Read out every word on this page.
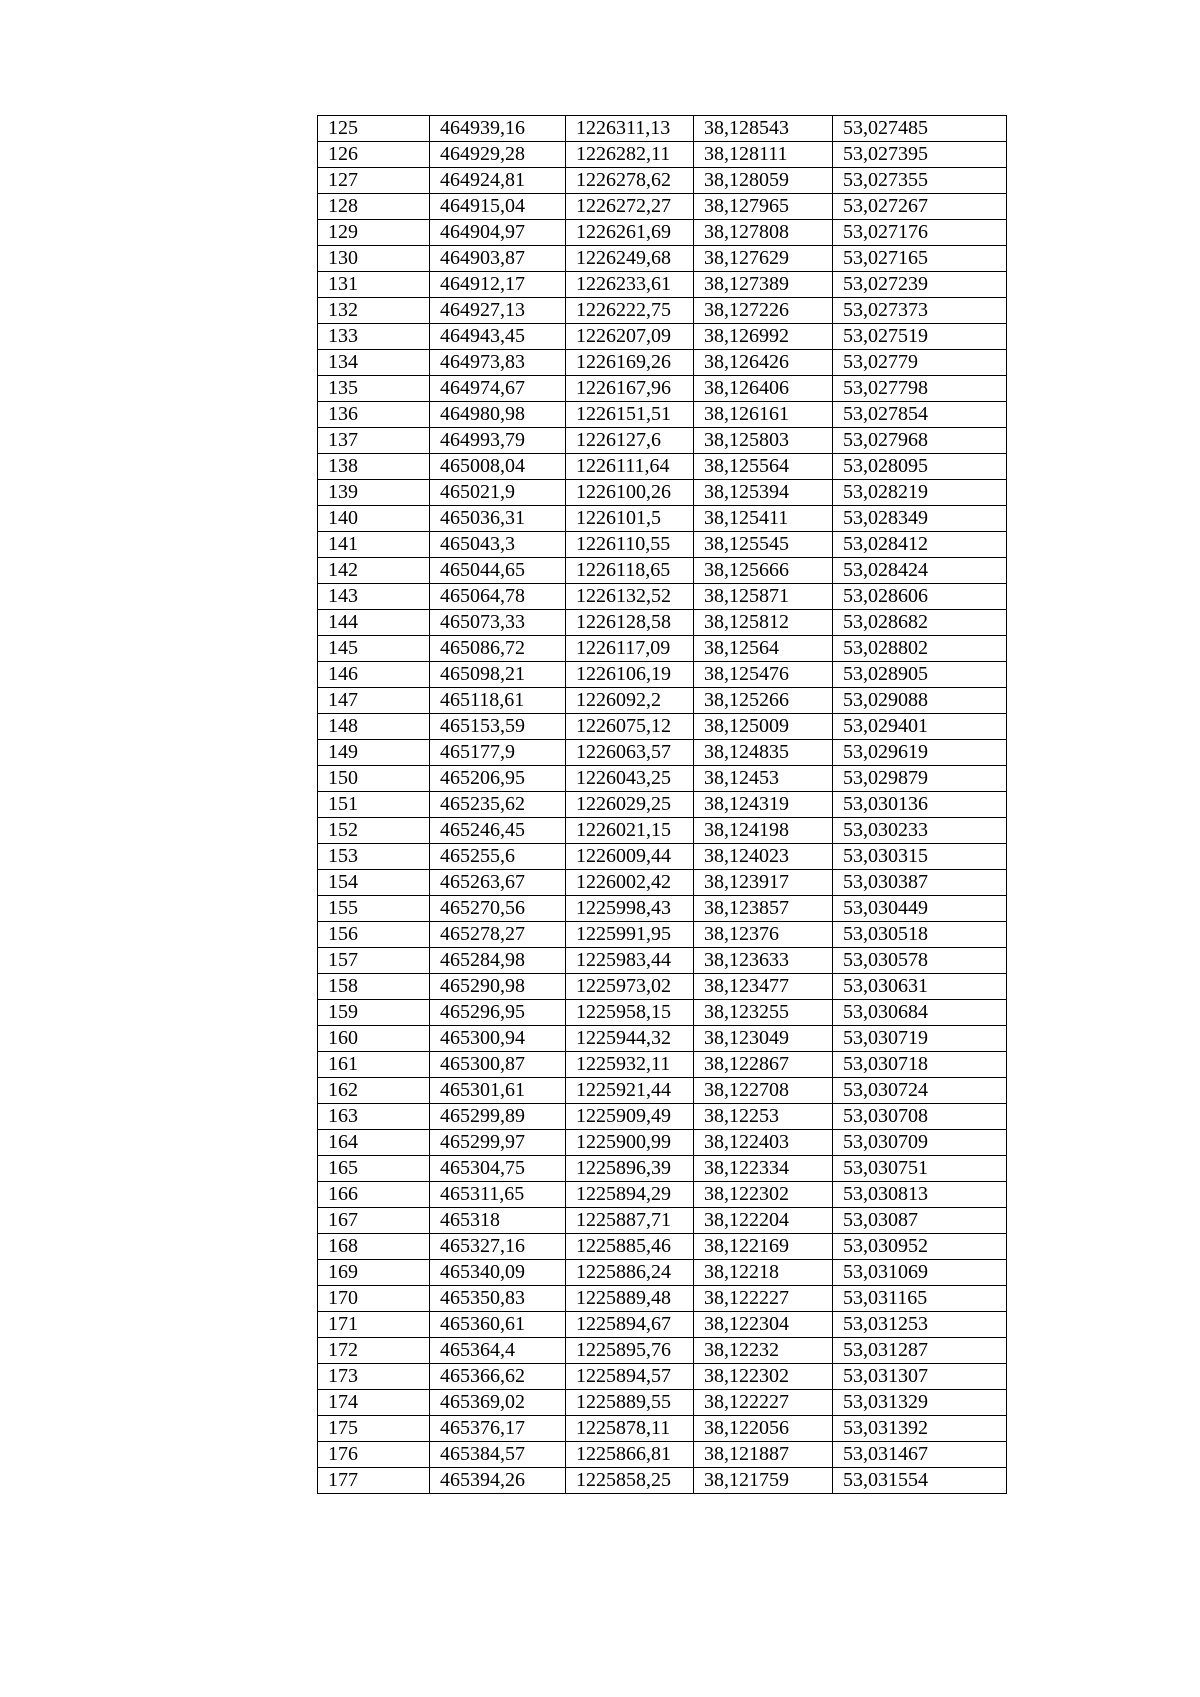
125	464939,16	1226311,13	38,128543	53,027485
126	464929,28	1226282,11	38,128111	53,027395
127	464924,81	1226278,62	38,128059	53,027355
128	464915,04	1226272,27	38,127965	53,027267
129	464904,97	1226261,69	38,127808	53,027176
130	464903,87	1226249,68	38,127629	53,027165
131	464912,17	1226233,61	38,127389	53,027239
132	464927,13	1226222,75	38,127226	53,027373
133	464943,45	1226207,09	38,126992	53,027519
134	464973,83	1226169,26	38,126426	53,02779
135	464974,67	1226167,96	38,126406	53,027798
136	464980,98	1226151,51	38,126161	53,027854
137	464993,79	1226127,6	38,125803	53,027968
138	465008,04	1226111,64	38,125564	53,028095
139	465021,9	1226100,26	38,125394	53,028219
140	465036,31	1226101,5	38,125411	53,028349
141	465043,3	1226110,55	38,125545	53,028412
142	465044,65	1226118,65	38,125666	53,028424
143	465064,78	1226132,52	38,125871	53,028606
144	465073,33	1226128,58	38,125812	53,028682
145	465086,72	1226117,09	38,12564	53,028802
146	465098,21	1226106,19	38,125476	53,028905
147	465118,61	1226092,2	38,125266	53,029088
148	465153,59	1226075,12	38,125009	53,029401
149	465177,9	1226063,57	38,124835	53,029619
150	465206,95	1226043,25	38,12453	53,029879
151	465235,62	1226029,25	38,124319	53,030136
152	465246,45	1226021,15	38,124198	53,030233
153	465255,6	1226009,44	38,124023	53,030315
154	465263,67	1226002,42	38,123917	53,030387
155	465270,56	1225998,43	38,123857	53,030449
156	465278,27	1225991,95	38,12376	53,030518
157	465284,98	1225983,44	38,123633	53,030578
158	465290,98	1225973,02	38,123477	53,030631
159	465296,95	1225958,15	38,123255	53,030684
160	465300,94	1225944,32	38,123049	53,030719
161	465300,87	1225932,11	38,122867	53,030718
162	465301,61	1225921,44	38,122708	53,030724
163	465299,89	1225909,49	38,12253	53,030708
164	465299,97	1225900,99	38,122403	53,030709
165	465304,75	1225896,39	38,122334	53,030751
166	465311,65	1225894,29	38,122302	53,030813
167	465318	1225887,71	38,122204	53,03087
168	465327,16	1225885,46	38,122169	53,030952
169	465340,09	1225886,24	38,12218	53,031069
170	465350,83	1225889,48	38,122227	53,031165
171	465360,61	1225894,67	38,122304	53,031253
172	465364,4	1225895,76	38,12232	53,031287
173	465366,62	1225894,57	38,122302	53,031307
174	465369,02	1225889,55	38,122227	53,031329
175	465376,17	1225878,11	38,122056	53,031392
176	465384,57	1225866,81	38,121887	53,031467
177	465394,26	1225858,25	38,121759	53,031554
